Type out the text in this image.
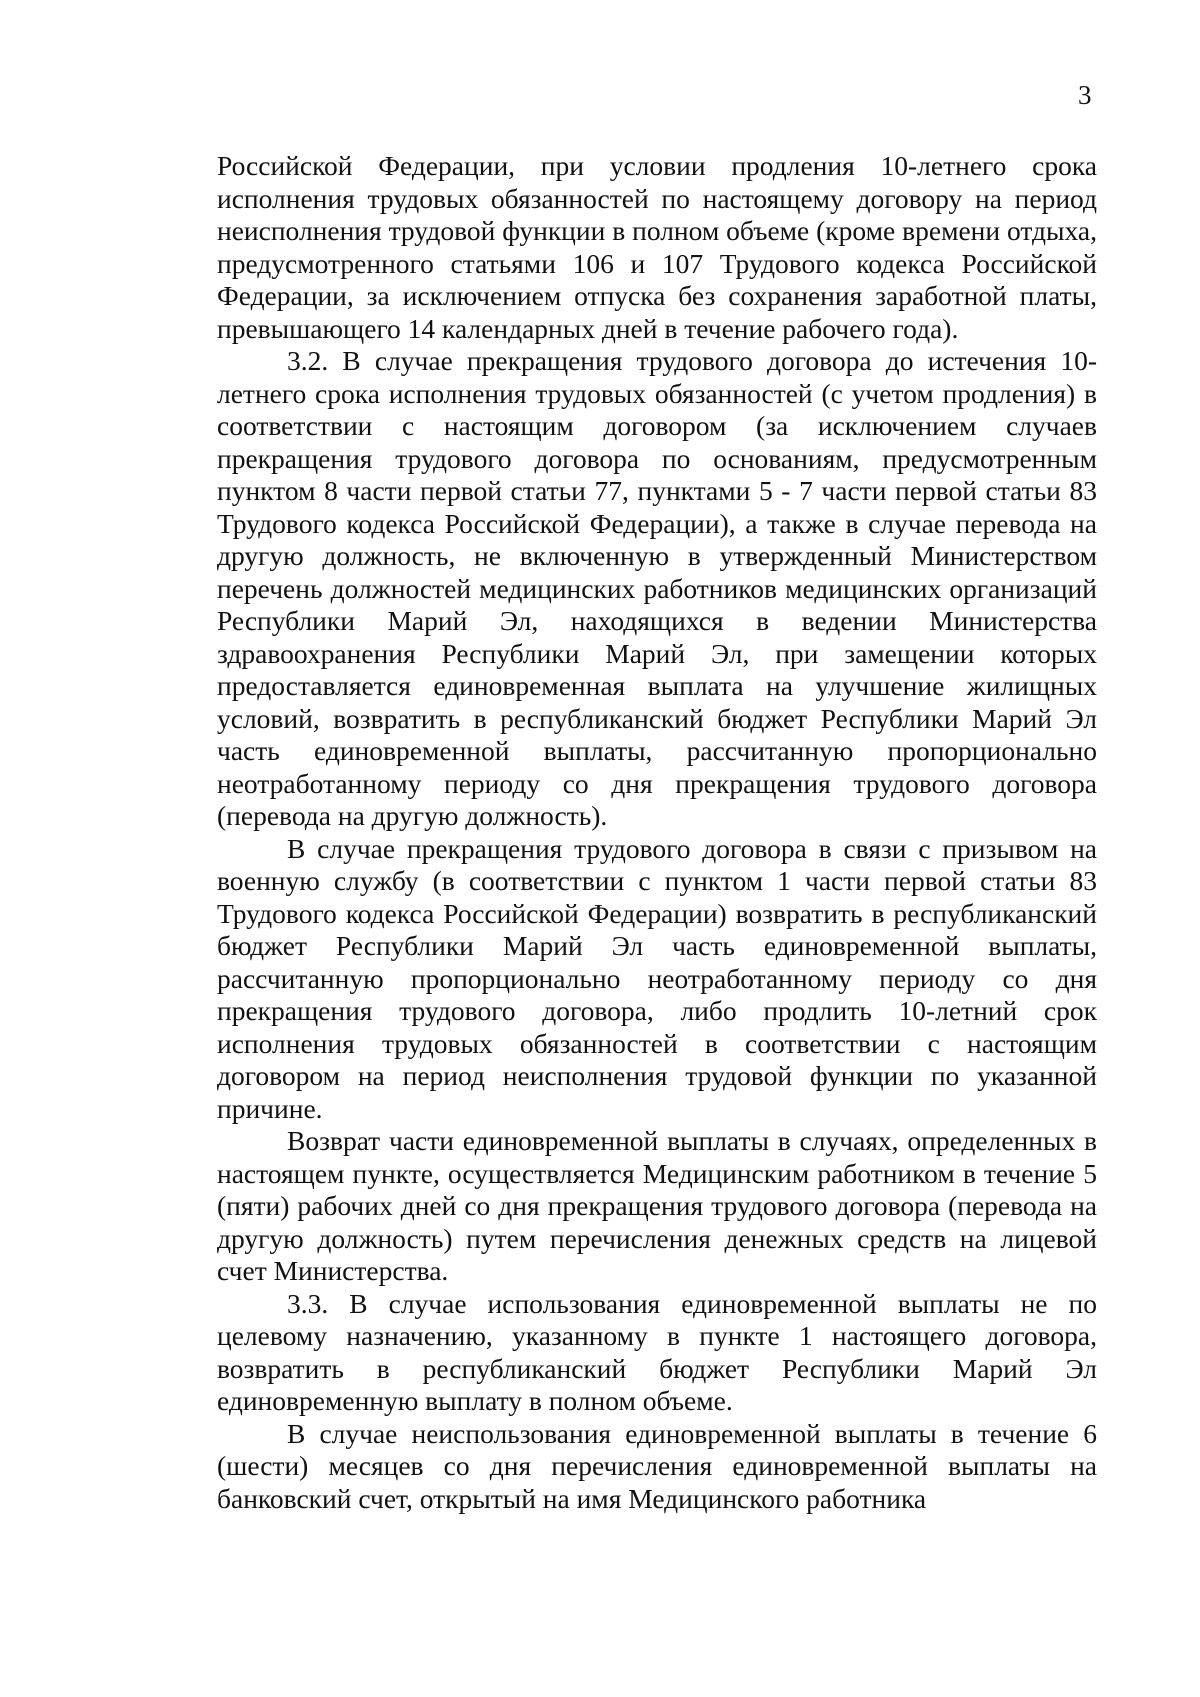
3

Российской Федерации, при условии продления 10-летнего срока исполнения трудовых обязанностей по настоящему договору на период неисполнения трудовой функции в полном объеме (кроме времени отдыха, предусмотренного статьями 106 и 107 Трудового кодекса Российской Федерации, за исключением отпуска без сохранения заработной платы, превышающего 14 календарных дней в течение рабочего года).

3.2. В случае прекращения трудового договора до истечения 10-летнего срока исполнения трудовых обязанностей (с учетом продления) в соответствии с настоящим договором (за исключением случаев прекращения трудового договора по основаниям, предусмотренным пунктом 8 части первой статьи 77, пунктами 5 - 7 части первой статьи 83 Трудового кодекса Российской Федерации), а также в случае перевода на другую должность, не включенную в утвержденный Министерством перечень должностей медицинских работников медицинских организаций Республики Марий Эл, находящихся в ведении Министерства здравоохранения Республики Марий Эл, при замещении которых предоставляется единовременная выплата на улучшение жилищных условий, возвратить в республиканский бюджет Республики Марий Эл часть единовременной выплаты, рассчитанную пропорционально неотработанному периоду со дня прекращения трудового договора (перевода на другую должность).

В случае прекращения трудового договора в связи с призывом на военную службу (в соответствии с пунктом 1 части первой статьи 83 Трудового кодекса Российской Федерации) возвратить в республиканский бюджет Республики Марий Эл часть единовременной выплаты, рассчитанную пропорционально неотработанному периоду со дня прекращения трудового договора, либо продлить 10-летний срок исполнения трудовых обязанностей в соответствии с настоящим договором на период неисполнения трудовой функции по указанной причине.

Возврат части единовременной выплаты в случаях, определенных в настоящем пункте, осуществляется Медицинским работником в течение 5 (пяти) рабочих дней со дня прекращения трудового договора (перевода на другую должность) путем перечисления денежных средств на лицевой счет Министерства.

3.3. В случае использования единовременной выплаты не по целевому назначению, указанному в пункте 1 настоящего договора, возвратить в республиканский бюджет Республики Марий Эл единовременную выплату в полном объеме.

В случае неиспользования единовременной выплаты в течение 6 (шести) месяцев со дня перечисления единовременной выплаты на банковский счет, открытый на имя Медицинского работника
